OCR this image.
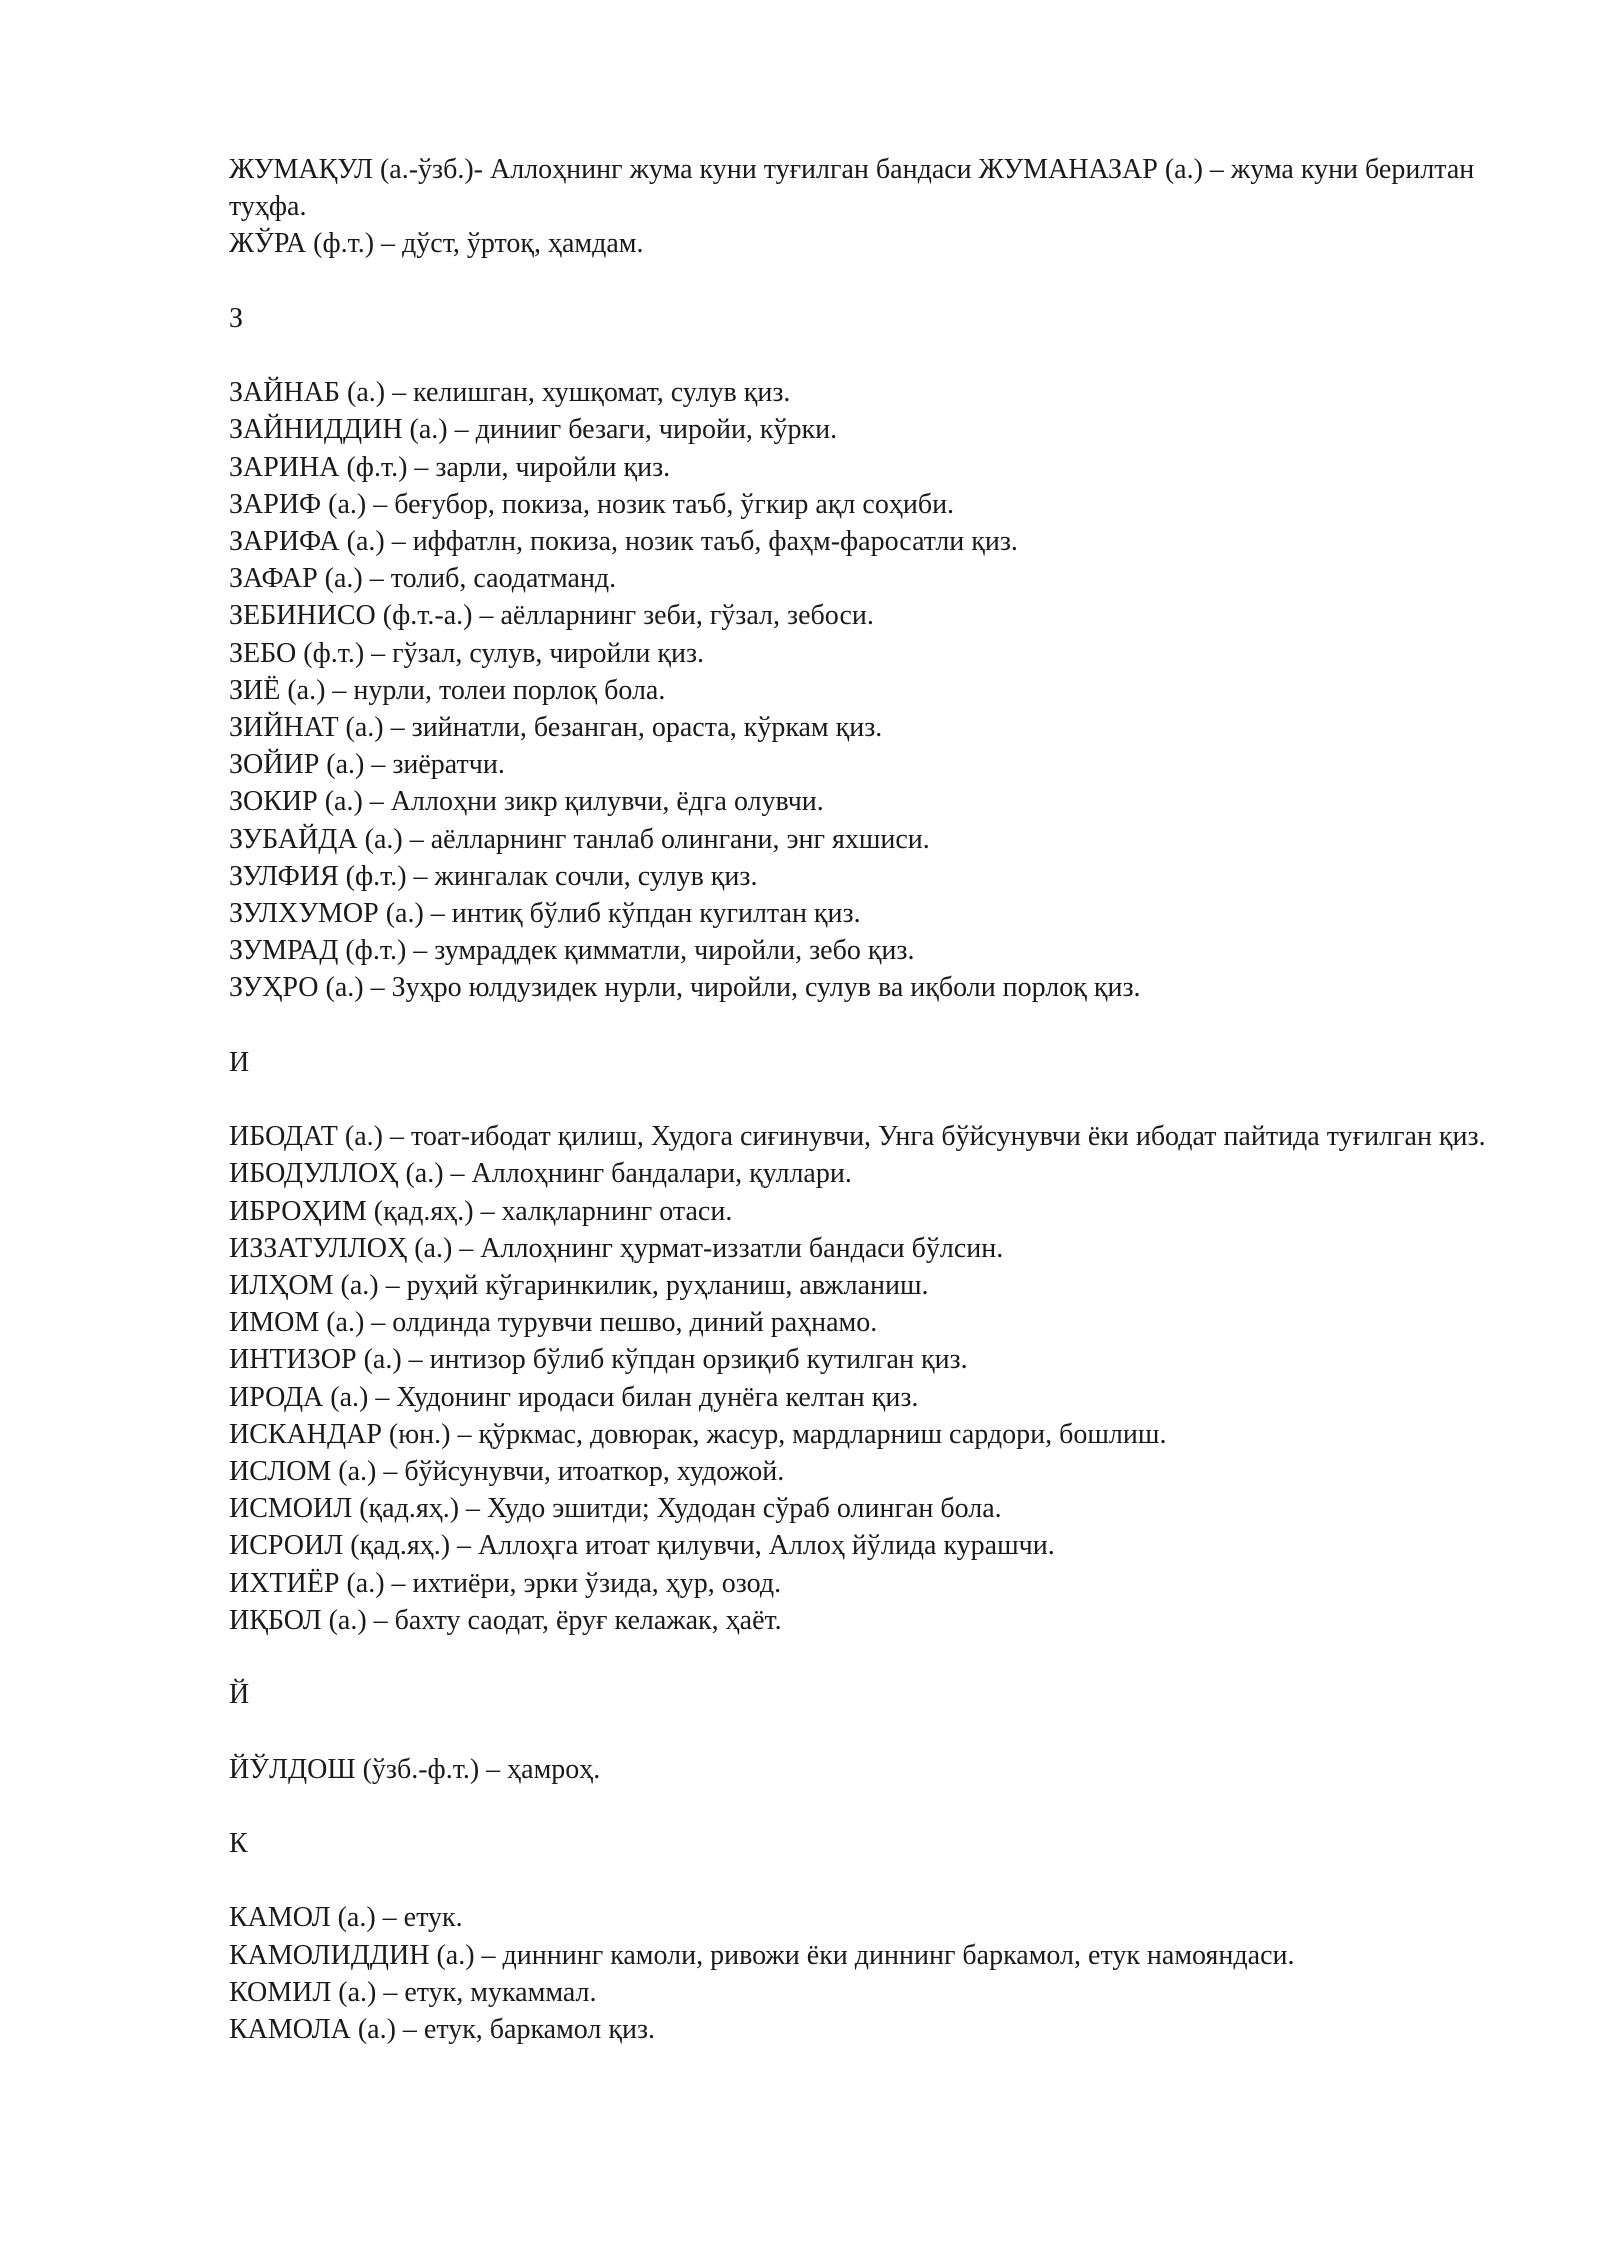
ЖУМАҚУЛ (а.-ўзб.)- Аллоҳнинг жума куни туғилган бандаси ЖУМАНАЗАР (а.) – жума куни берилтан туҳфа.

ЖЎРА (ф.т.) – дўст, ўртоқ, ҳамдам.

З

ЗАЙНАБ (а.) – келишган, хушқомат, сулув қиз.

ЗАЙНИДДИН (а.) – динииг безаги, чиройи, кўрки.

ЗАРИНА (ф.т.) – зарли, чиройли қиз.

ЗАРИФ (а.) – беғубор, покиза, нозик таъб, ўгкир ақл соҳиби.

ЗАРИФА (а.) – иффатлн, покиза, нозик таъб, фаҳм-фаросатли қиз.

ЗАФАР (а.) – толиб, саодатманд.

ЗЕБИНИСО (ф.т.-а.) – аёлларнинг зеби, гўзал, зебоси.

ЗЕБО (ф.т.) – гўзал, сулув, чиройли қиз.

ЗИЁ (а.) – нурли, толеи порлоқ бола.

ЗИЙНАТ (а.) – зийнатли, безанган, ораста, кўркам қиз.

ЗОЙИР (а.) – зиёратчи.

ЗОКИР (а.) – Аллоҳни зикр қилувчи, ёдга олувчи.

ЗУБАЙДА (а.) – аёлларнинг танлаб олингани, энг яхшиси.

ЗУЛФИЯ (ф.т.) – жингалак сочли, сулув қиз.

ЗУЛХУМОР (а.) – интиқ бўлиб кўпдан кугилтан қиз.

ЗУМРАД (ф.т.) – зумраддек қимматли, чиройли, зебо қиз.

ЗУҲРО (а.) – Зуҳро юлдузидек нурли, чиройли, сулув ва иқболи порлоқ қиз.

И

ИБОДАТ (а.) – тоат-ибодат қилиш, Худога сиғинувчи, Унга бўйсунувчи ёки ибодат пайтида туғилган қиз.

ИБОДУЛЛОҲ (а.) – Аллоҳнинг бандалари, қуллари.

ИБРОҲИМ (қад.яҳ.) – халқларнинг отаси.

ИЗЗАТУЛЛОҲ (а.) – Аллоҳнинг ҳурмат-иззатли бандаси бўлсин.

ИЛҲОМ (а.) – руҳий кўгаринкилик, руҳланиш, авжланиш.

ИМОМ (а.) – олдинда турувчи пешво, диний раҳнамо.

ИНТИЗОР (а.) – интизор бўлиб кўпдан орзиқиб кутилган қиз.

ИРОДА (а.) – Худонинг иродаси билан дунёга келтан қиз.

ИСКАНДАР (юн.) – қўркмас, довюрак, жасур, мардларниш сардори, бошлиш.

ИСЛОМ (а.) – бўйсунувчи, итоаткор, художой.

ИСМОИЛ (қад.яҳ.) – Худо эшитди; Худодан сўраб олинган бола.

ИСРОИЛ (қад.яҳ.) – Аллоҳга итоат қилувчи, Аллоҳ йўлида курашчи.

ИХТИЁР (а.) – ихтиёри, эрки ўзида, ҳур, озод.

ИҚБОЛ (а.) – бахту саодат, ёруғ келажак, ҳаёт.

Й

ЙЎЛДОШ (ўзб.-ф.т.) – ҳамроҳ.

К

КАМОЛ (а.) – етук.

КАМОЛИДДИН (а.) – диннинг камоли, ривожи ёки диннинг баркамол, етук намояндаси.

КОМИЛ (а.) – етук, мукаммал.

КАМОЛА (а.) – етук, баркамол қиз.
